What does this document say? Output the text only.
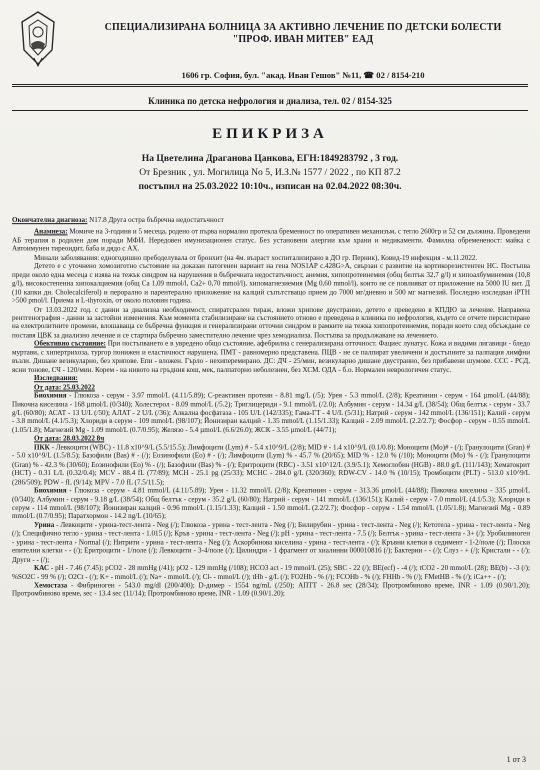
СПЕЦИАЛИЗИРАНА БОЛНИЦА ЗА АКТИВНО ЛЕЧЕНИЕ ПО ДЕТСКИ БОЛЕСТИ
"ПРОФ. ИВАН МИТЕВ" ЕАД
1606 гр. София, бул. "акад. Иван Гешов" №11, ☎ 02 / 8154-210
Клиника по детска нефрология и диализа, тел. 02 / 8154-325
ЕПИКРИЗА
На Цветелина Драганова Цанкова, ЕГН:1849283792 , 3 год.
От Брезник , ул. Могилица No 5, И.З.№ 1577 / 2022 , по КП 87.2
постъпил на 25.03.2022 10:10ч., изписан на 02.04.2022 08:30ч.

Окончателна диагноза: N17.8 Друга остра бъбречна недостатъчност

Анамнеза: Момиче на 3-годиня и 5 месеца, родено от първа нормално протекла бременност по оперативен механизъм, с тегло 2600гр и 52 см дължина. Проведени АБ терапия в родилен дом поради МФИ. Нередовен имунизационен статус. Без установени алергии към храни и медикаменти. Фамилна обремененост: майка с Автоимунен тиреоидит, баба и дядо с АХ.

Минали заболявания: едногодишно пребоделувала от бронхит (на 4м. възраст хоспитализирано в ДО гр. Перник), Ковид-19 инфекция - м.11.2022.

Детето е с уточнено хомозиготно състояние на доказан патогенен вариант на гена NOS1AP c.428G>A, свързан с развитие на кортикорезистентен НС. Постъпва преди около една месеца с изява на тежък синдром на нарушения в бъбречната недостатъчност, анемия, хипопротеинемия (общ белтък 32,7 g/l) и хипоалбуминемия (10,8 g/l), високостепенна хипокалциемия (общ Са 1,09 mmol/l, Са2+ 0,70 mmol/l), хипомагнезиемия (Mg 0,60 mmol/l), които не се повлияват от приложение на 5000 IU вит. Д (10 капки дн. Cholecalciferol) и перорално и парентерално приложение на калций съпътстващо прием до 7000 мг/дневно и 500 мг магнезий. Последно изследван iPTH >500 pmol/l. Приема и L-thyroxin, от около половин година.

От 13.03.2022 год. с данни за диализна необходимост, спиратсрален тираж, вложи хрипове двустранно, детето е преведено в КПДЮ за лечение. Направена рентгенография - данни за застойни изменения. Към момента стабилизиране на състоянието отново е преведена в клиника по нефрология, където се отчете персистиране на електролитните промени, влошаваща се бъбречна функция и генерализирани отточни синдром в рамките на тежка хипопротеинемия, поради което след обсъждане се поставя ЦВК за диализно лечение и се стартира бъбречно заместително лечение чрез хемодиализа. Постъпва за продължаване на лечението.

Обективно състояние: При постъпването е в увредено общо състояние, афебрилна с генерализирана отточност. Фациес лунатус. Кожа и видими лигавици - бледо муртави, с хипертрихоза, тургор понижен и еластичност нарушена. ПМТ - равномерно представена. ПЦВ - не се палпират увеличени и достъпните за палпация лимфни възли. Дишане везикуларно, без хрипове. Епи - вложен. Гърло - нехиперемирано. ДС: ДЧ - 25/мин, везикуларно дишане двустранно, без прибавени шумове. ССС - РСД, ясни тонове, СЧ - 120/мин. Корем - на нивото на гръдния кош, мек, палпаторно неболезнен, без ХСМ. ОДА - б.о. Нормален неврологичен статус.

Изследвания:

От дата: 25.03.2022

Биохимия - Глюкоза - серум - 3.97 mmol/L (4.11/5.89); C-реактивен протеин - 8.81 mg/L (/5); Урея - 5.3 mmol/L (2/8); Креатинин - серум - 164 µmol/L (44/88); Пикочна киселина - 168 µmol/L (0/340); Холестерол - 8.09 mmol/L (/5.2); Триглицериди - 9.1 mmol/L (/2.0); Албумин - серум - 14.34 g/L (38/54); Общ белтък - серум - 33.7 g/L (60/80); АСАТ - 13 U/L (/50); АЛАТ - 2 U/L (/36); Алкална фосфатаза - 105 U/L (142/335); Гама-ГТ - 4 U/L (5/31); Натрий - серум - 142 mmol/L (136/151); Калий - серум - 3.8 mmol/L (4.1/5.3); Хлориди в серум - 109 mmol/L (98/107); Йонизиран калций - 1.35 mmol/L (1.15/1.33); Калций - 2.09 mmol/L (2.2/2.7); Фосфор - серум - 0.55 mmol/L (1.05/1.8); Магнезий Mg - 1.09 mmol/L (0.7/0.95); Желязо - 5.4 µmol/L (6.6/26.0); ЖСК - 3.55 µmol/L (44/71);

От дата: 28.03.2022 8ч

ПКК - Левкоцити (WBC) - 11.8 x10^9/L (5.5/15.5); Лимфоцити (Lym) # - 5.4 x10^9/L (2/8); MID # - 1.4 x10^9/L (0.1/0.8); Моноцити (Mo)# - (/); Гранулоцити (Gran) # - 5.0 x10^9/L (1.5/8.5); Базофили (Bas) # - (/); Еозинофили (Eo) # - (/); Лимфоцити (Lym) % - 45.7 % (20/65); MID % - 12.0 % (/10); Моноцити (Mo) % - (/); Гранулоцити (Gran) % - 42.3 % (30/60); Еозинофили (Eo) % - (/); Базофили (Bas) % - (/); Еритроцити (RBC) - 3.51 x10^12/L (3.9/5.1); Хемоглобин (HGB) - 88.0 g/L (111/143); Хематокрит (HCT) - 0.31 L/L (0.32/0.4); MCV - 88.4 fL (77/89); MCH - 25.1 pg (25/33); MCHC - 284.0 g/L (320/360); RDW-CV - 14.0 % (10/15); Тромбоцити (PLT) - 513.0 x10^9/L (286/509); PDW - fL (9/14); MPV - 7.0 fL (7.5/11.5);

Биохимия - Глюкоза - серум - 4.81 mmol/L (4.11/5.89); Урея - 11.32 mmol/L (2/8); Креатинин - серум - 313.36 µmol/L (44/88); Пикочна киселина - 335 µmol/L (0/340); Албумин - серум - 9.18 g/L (38/54); Общ белтък - серум - 35.2 g/L (60/80); Натрий - серум - 141 mmol/L (136/151); Калий - серум - 7.0 mmol/L (4.1/5.3); Хлориди в серум - 114 mmol/L (98/107); Йонизиран калций - 0.96 mmol/L (1.15/1.33); Калций - 1.50 mmol/L (2.2/2.7); Фосфор - серум - 1.54 mmol/L (1.05/1.8); Магнезий Mg - 0.89 mmol/L (0.7/0.95); Паратхормон - 14.2 ng/L (10/65);

Урина - Левкоцити - урина-тест-лента - Neg (/); Глюкоза - урина - тест-лента - Neg (/); Билирубин - урина - тест-лента - Neg (/); Кетотела - урина - тест-лента - Neg (/); Специфично тегло - урина - тест-лента - 1.015 (/); Кръв - урина - тест-лента - Neg (/); pH - урина - тест-лента - 7.5 (/); Белтък - урина - тест-лента - 3+ (/); Уробилиноген - урина - тест-лента - Normal (/); Нитрити - урина - тест-лента - Neg (/); Аскорбинова киселина - урина - тест-лента - (/); Кръвни клетки в седимент - 1-2/поле (/); Плоски епителни клетки - - (/); Еритроцити - 1/поле (/); Левкоцити - 3-4/поле (/); Цилиндри - 1 фрагмент от хиалинни 000010816 (/); Бактерии - - (/); Слуз - + (/); Кристали - - (/); Други - - (/);

КАС - pH - 7.46 (7.45); pCO2 - 28 mmHg (/41); pO2 - 129 mmHg (/108); HCO3 act - 19 mmol/L (25); SBC - 22 (/); BE(ecf) - -4 (/); tCO2 - 20 mmol/L (28); BE(b) - -3 (/); %SO2C - 99 % (/); O2Ct - (/); K+ - mmol/L (/); Na+ - mmol/L (/); Cl- - mmol/L (/); tHb - g/L (/); FO2Hb - % (/); FCOHb - % (/); FHHb - % (/); FMetHB - % (/); iCa++ - (/);

Хемостаза - Фибриноген - 543.0 mg/dl (200/400); D-димер - 1554 ng/mL (/250); АПТТ - 26.8 sec (28/34); Протромбиново време, INR - 1.09 (0.90/1.20); Протромбиново време, sec - 13.4 sec (11/14); Протромбиново време, INR - 1.09 (0.90/1.20);

1 от 3
